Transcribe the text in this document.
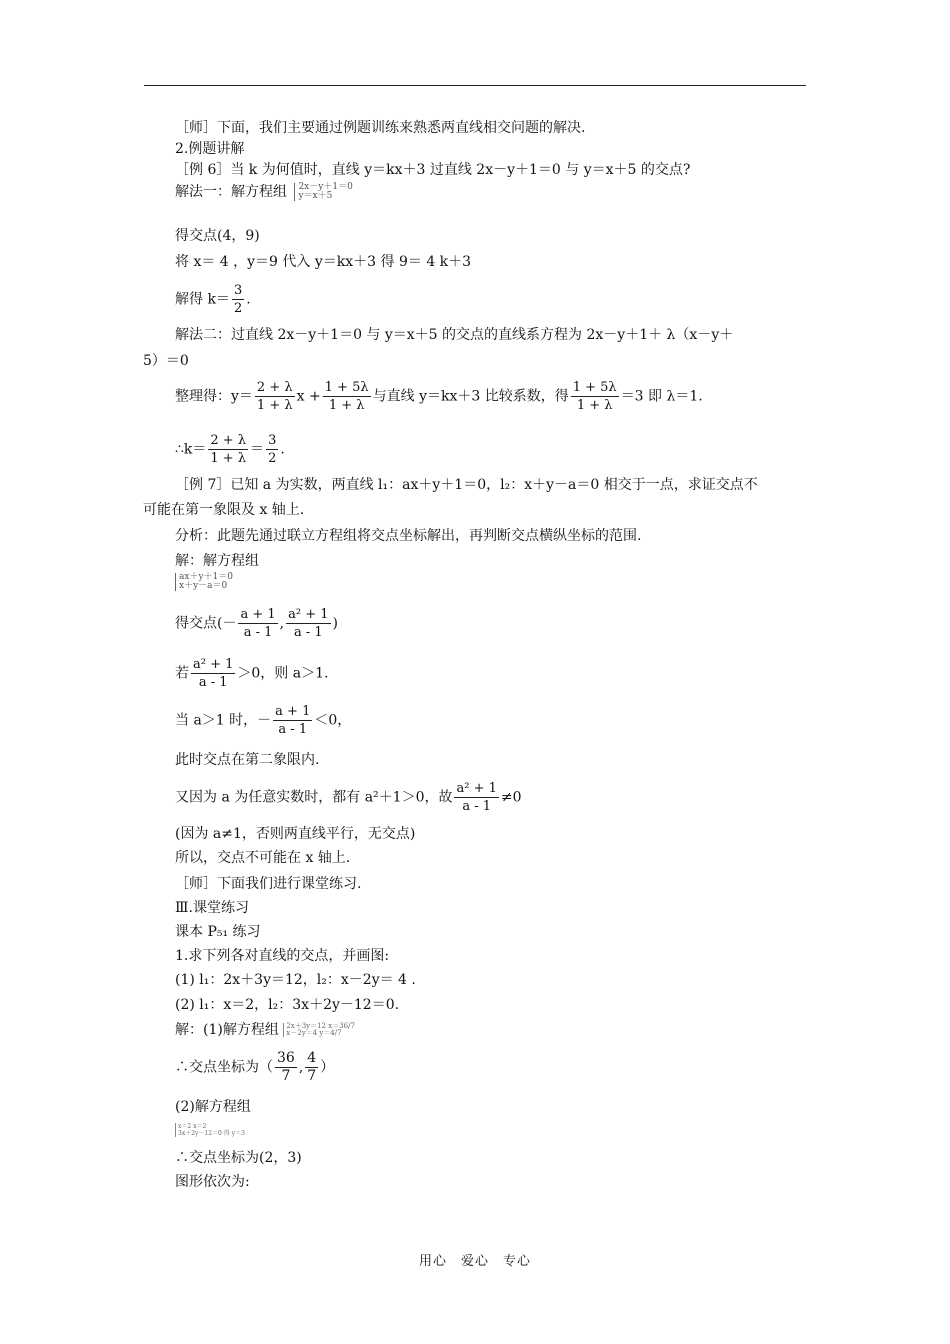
［师］下面，我们主要通过例题训练来熟悉两直线相交问题的解决.
2.例题讲解
［例 6］当 k 为何值时，直线 y＝kx＋3 过直线 2x－y＋1＝0 与 y＝x＋5 的交点?
解法一：解方程组 2x－y＋1＝0
y＝x＋5
得交点(4，9)
将 x＝ 4 ，y＝9 代入 y＝kx＋3 得 9＝ 4 k＋3
解得 $k= \frac{3}{2}$ .
解法二：过直线 2x－y＋1＝0 与 y＝x＋5 的交点的直线系方程为 2x－y＋1＋ λ（x－y＋
5）＝0
整理得：$y= \frac{2 + \lambda}{1 + \lambda}$ $x + \frac{1 + 5\lambda}{1 + \lambda}$ 与直线 y＝kx＋3 比较系数，得 $\frac{1 + 5\lambda}{1 + \lambda} =3$ 即 λ＝1.
∴k＝ $\frac{2 + \lambda}{1 + \lambda} = \frac{3}{2}$ .
［例 7］已知 a 为实数，两直线 l₁：ax＋y＋1＝0，l₂：x＋y－a＝0 相交于一点，求证交点不
可能在第一象限及 x 轴上.
分析：此题先通过联立方程组将交点坐标解出，再判断交点横纵坐标的范围.
解：解方程组
ax＋y＋1＝0
x＋y－a＝0
得交点(－ $\frac{a + 1}{a - 1}$ , $\frac{\text{a² + 1}}{a - 1}$ )
若 $\frac{\text{a² + 1}}{a - 1} >0$，则 a＞1.
当 a＞1 时，－ $\frac{a + 1}{a - 1} <0$，
此时交点在第二象限内.
又因为 a 为任意实数时，都有 a²＋1＞0，故 $\frac{\text{a² + 1}}{a - 1} \ne 0$
(因为 a≠1，否则两直线平行，无交点)
所以，交点不可能在 x 轴上.
［师］下面我们进行课堂练习.
Ⅲ.课堂练习
课本 P₅₁ 练习
1.求下列各对直线的交点，并画图:
(1) l₁：2x＋3y＝12，l₂：x－2y＝ 4 .
(2) l₁：x＝2，l₂：3x＋2y－12＝0.
解：(1)解方程组 2x＋3y＝12 x＝36/7
x－2y＝4 y＝4/7
∴交点坐标为（ $\frac{36}{7}$ , $\frac{4}{7}$ ）
(2)解方程组
x＝2 x＝2
3x＋2y－12＝0 得 y＝3
∴交点坐标为(2，3)
图形依次为:
用心　爱心　专心
